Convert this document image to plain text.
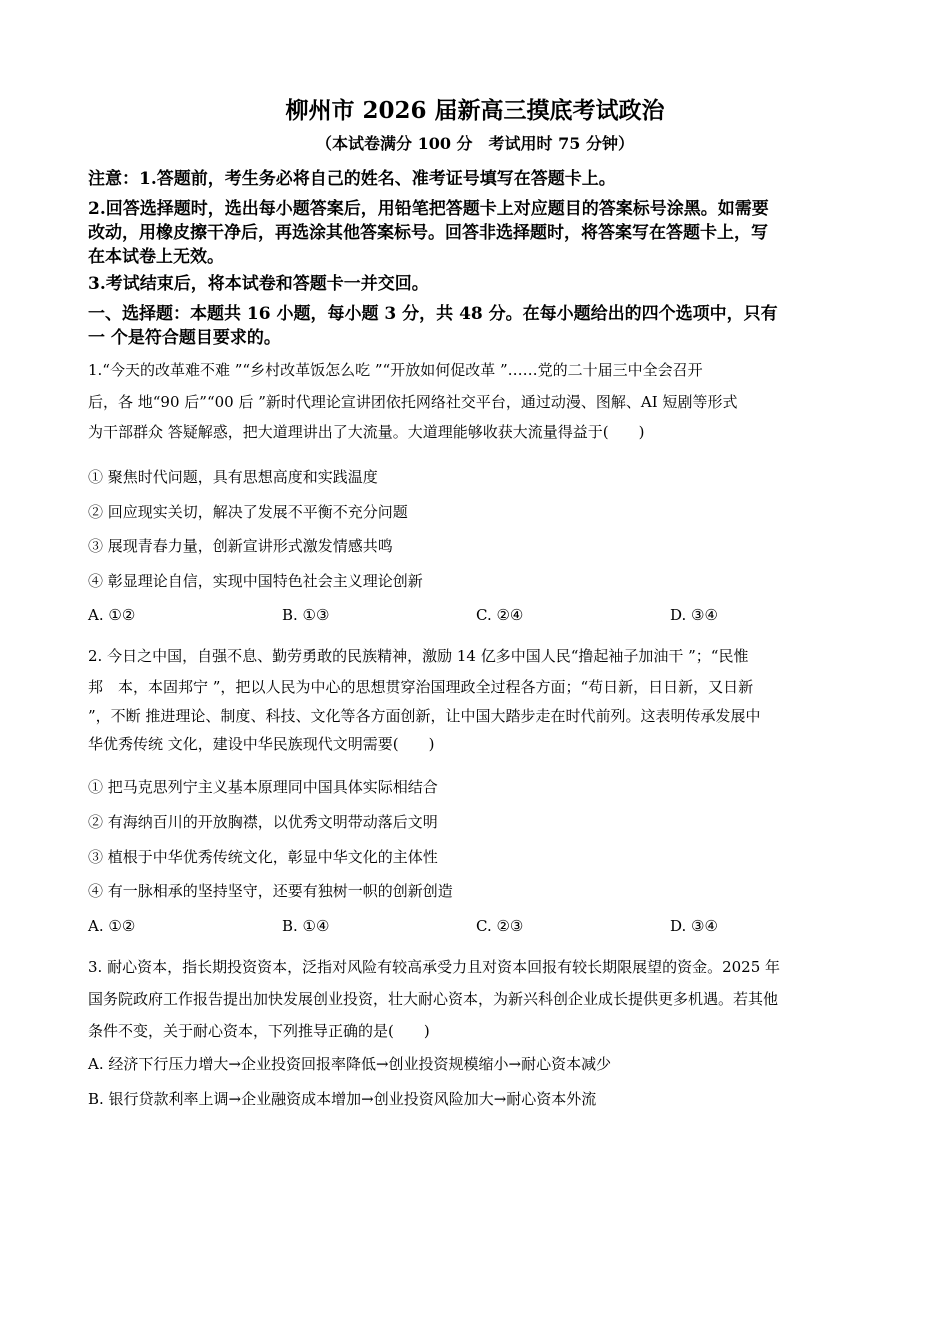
柳州市 2026 届新高三摸底考试政治
（本试卷满分 100 分　考试用时 75 分钟）
注意：1.答题前，考生务必将自己的姓名、准考证号填写在答题卡上。
2.回答选择题时，选出每小题答案后，用铅笔把答题卡上对应题目的答案标号涂黑。如需要
改动，用橡皮擦干净后，再选涂其他答案标号。回答非选择题时，将答案写在答题卡上，写
在本试卷上无效。
3.考试结束后，将本试卷和答题卡一并交回。
一、选择题：本题共 16 小题，每小题 3 分，共 48 分。在每小题给出的四个选项中，只有
一 个是符合题目要求的。
1.“今天的改革难不难 ”“乡村改革饭怎么吃 ”“开放如何促改革 ”……党的二十届三中全会召开
后，各 地“90 后”“00 后 ”新时代理论宣讲团依托网络社交平台，通过动漫、图解、AI 短剧等形式
为干部群众 答疑解惑，把大道理讲出了大流量。大道理能够收获大流量得益于(　　)
① 聚焦时代问题，具有思想高度和实践温度
② 回应现实关切，解决了发展不平衡不充分问题
③ 展现青春力量，创新宣讲形式激发情感共鸣
④ 彰显理论自信，实现中国特色社会主义理论创新
A. ①②	B. ①③	C. ②④	D. ③④
2. 今日之中国，自强不息、勤劳勇敢的民族精神，激励 14 亿多中国人民“撸起袖子加油干 ”；“民惟
邦　本，本固邦宁 ”，把以人民为中心的思想贯穿治国理政全过程各方面；“苟日新，日日新，又日新
”，不断 推进理论、制度、科技、文化等各方面创新，让中国大踏步走在时代前列。这表明传承发展中
华优秀传统 文化，建设中华民族现代文明需要(　　)
① 把马克思列宁主义基本原理同中国具体实际相结合
② 有海纳百川的开放胸襟，以优秀文明带动落后文明
③ 植根于中华优秀传统文化，彰显中华文化的主体性
④ 有一脉相承的坚持坚守，还要有独树一帜的创新创造
A. ①②	B. ①④	C. ②③	D. ③④
3. 耐心资本，指长期投资资本，泛指对风险有较高承受力且对资本回报有较长期限展望的资金。2025 年
国务院政府工作报告提出加快发展创业投资，壮大耐心资本，为新兴科创企业成长提供更多机遇。若其他
条件不变，关于耐心资本，下列推导正确的是(　　)
A. 经济下行压力增大→企业投资回报率降低→创业投资规模缩小→耐心资本减少
B. 银行贷款利率上调→企业融资成本增加→创业投资风险加大→耐心资本外流
